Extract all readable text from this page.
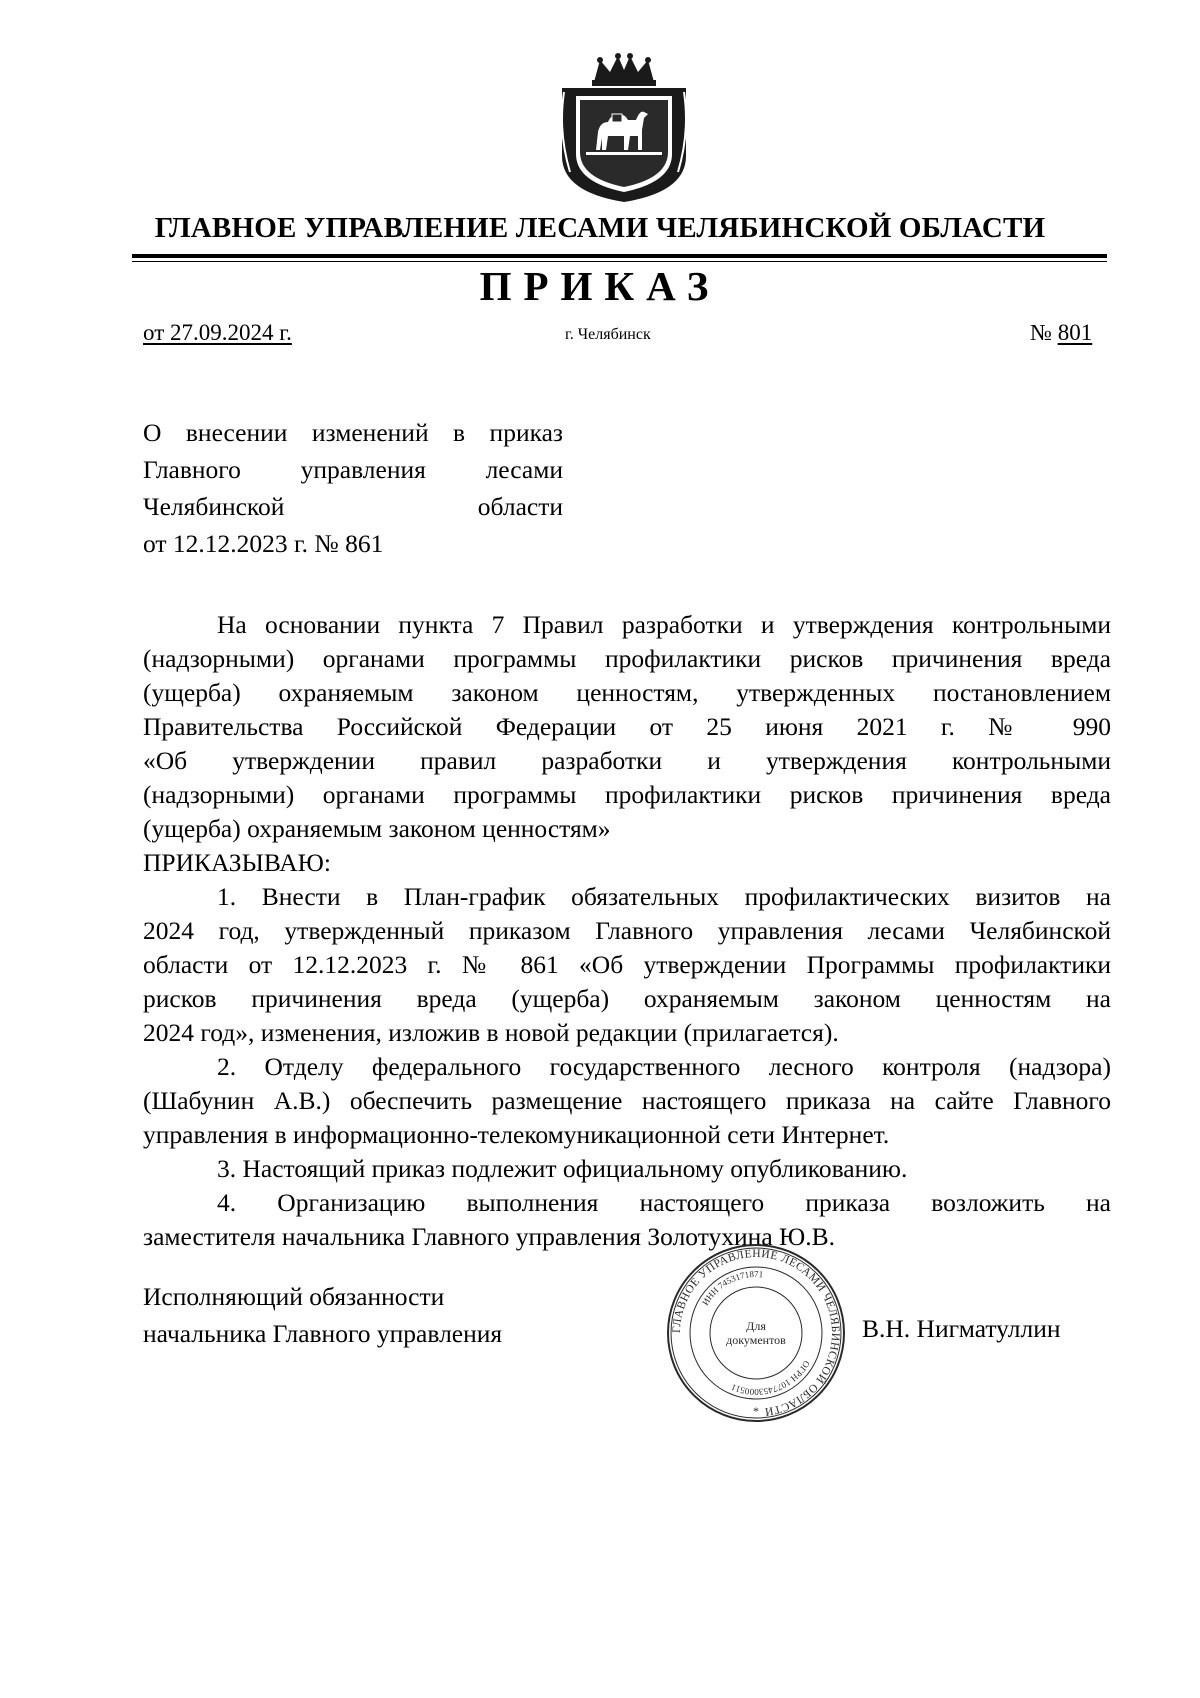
ГЛАВНОЕ УПРАВЛЕНИЕ ЛЕСАМИ ЧЕЛЯБИНСКОЙ ОБЛАСТИ
ПРИКАЗ
от 27.09.2024 г.	г. Челябинск	№ 801
О внесении изменений в приказ
Главного управления лесами
Челябинской области
от 12.12.2023 г. № 861
На основании пункта 7 Правил разработки и утверждения контрольными
(надзорными) органами программы профилактики рисков причинения вреда
(ущерба) охраняемым законом ценностям, утвержденных постановлением
Правительства Российской Федерации от 25 июня 2021 г. № 990
«Об утверждении правил разработки и утверждения контрольными
(надзорными) органами программы профилактики рисков причинения вреда
(ущерба) охраняемым законом ценностям»
ПРИКАЗЫВАЮ:
1. Внести в План-график обязательных профилактических визитов на
2024 год, утвержденный приказом Главного управления лесами Челябинской
области от 12.12.2023 г. № 861 «Об утверждении Программы профилактики
рисков причинения вреда (ущерба) охраняемым законом ценностям на
2024 год», изменения, изложив в новой редакции (прилагается).
2. Отделу федерального государственного лесного контроля (надзора)
(Шабунин А.В.) обеспечить размещение настоящего приказа на сайте Главного
управления в информационно-телекомуникационной сети Интернет.
3. Настоящий приказ подлежит официальному опубликованию.
4. Организацию выполнения настоящего приказа возложить на
заместителя начальника Главного управления Золотухина Ю.В.
Исполняющий обязанности
начальника Главного управления	ГЛАВНОЕ УПРАВЛЕНИЕ ЛЕСАМИ ЧЕЛЯБИНСКОЙ ОБЛАСТИ
ИНН 7453171871
ОГРН 1077453000511
Для
документов
*
В.Н. Нигматуллин
